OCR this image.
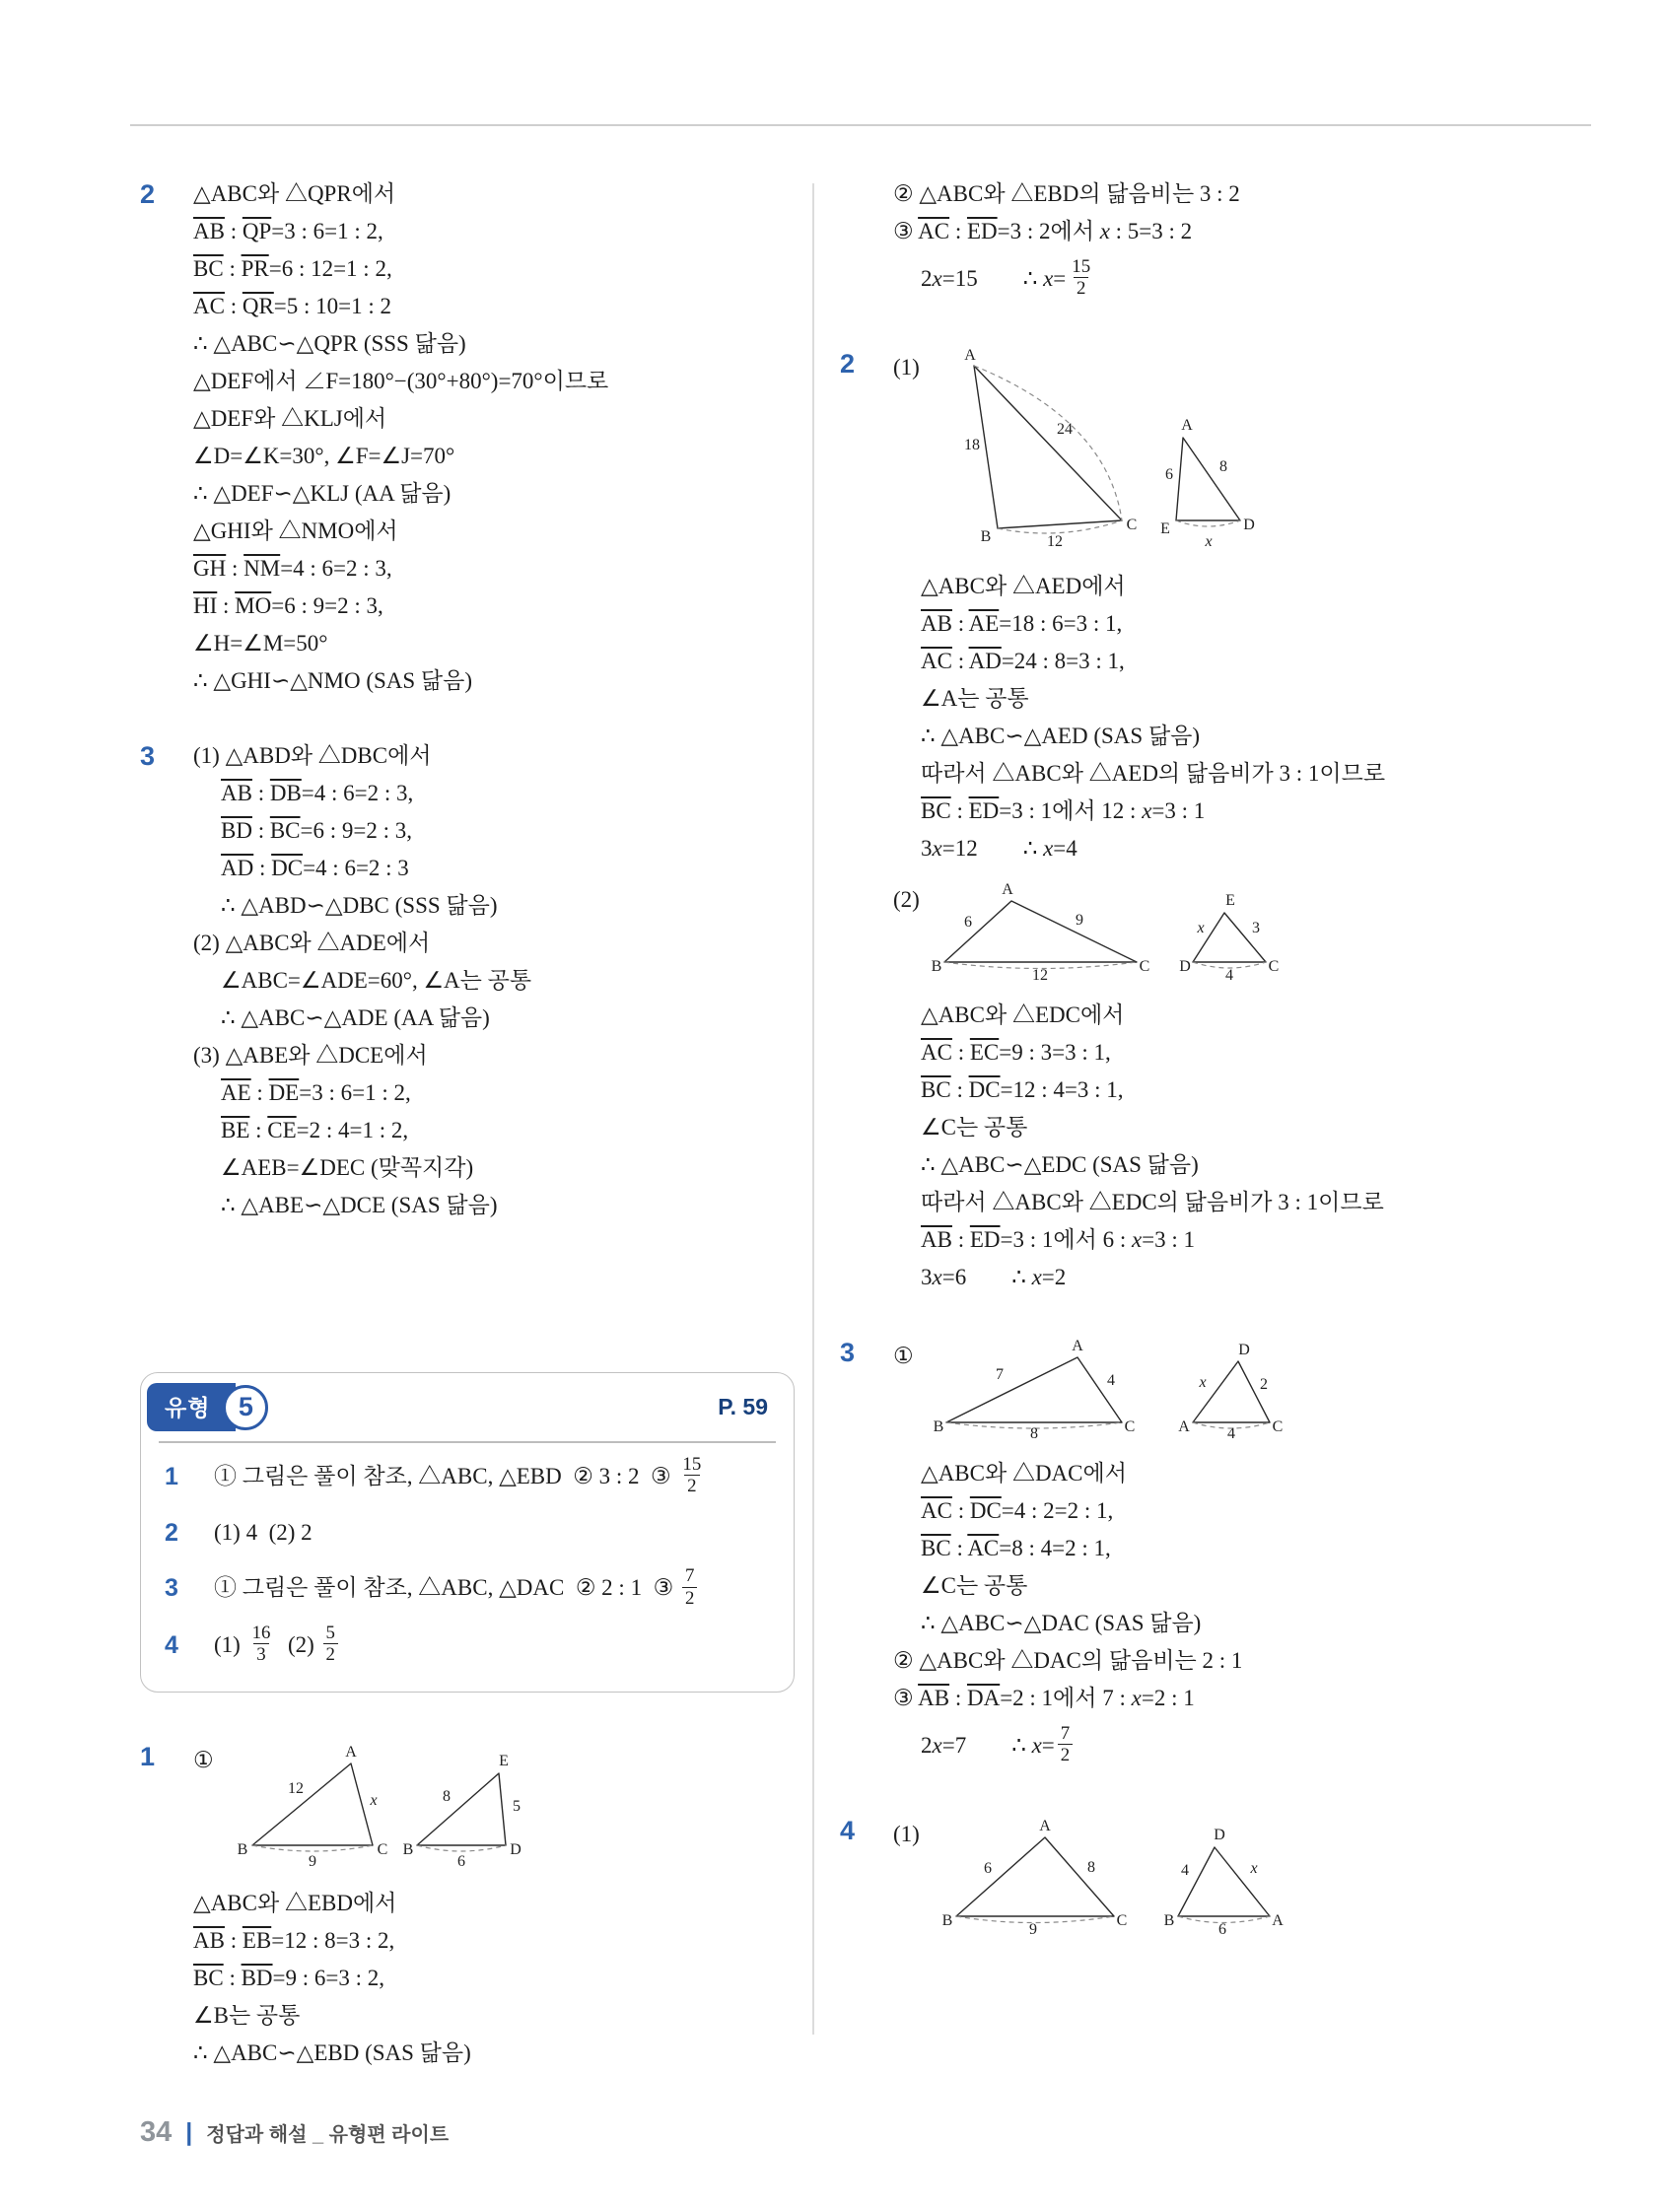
2	△ABC와 △QPR에서
$\overline{AB}$ : $\overline{QP}=3$ : 6=1 : 2,
$\overline{BC}$ : $\overline{PR}=6$ : 12=1 : 2,
$\overline{AC}$ : $\overline{QR}=5$ : 10=1 : 2
∴ △ABC∽△QPR (SSS 닮음)
△DEF에서 ∠F=180°−(30°+80°)=70°이므로
△DEF와 △KLJ에서
∠D=∠K=30°, ∠F=∠J=70°
∴ △DEF∽△KLJ (AA 닮음)
△GHI와 △NMO에서
$\overline{GH}$ : $\overline{NM}=4$ : 6=2 : 3,
$\overline{HI}$ : $\overline{MO}=6$ : 9=2 : 3,
∠H=∠M=50°
∴ △GHI∽△NMO (SAS 닮음)
3	(1) △ABD와 △DBC에서
$\overline{AB}$ : $\overline{DB}=4$ : 6=2 : 3,
$\overline{BD}$ : $\overline{BC}=6$ : 9=2 : 3,
$\overline{AD}$ : $\overline{DC}=4$ : 6=2 : 3
∴ △ABD∽△DBC (SSS 닮음)
(2) △ABC와 △ADE에서
∠ABC=∠ADE=60°, ∠A는 공통
∴ △ABC∽△ADE (AA 닮음)
(3) △ABE와 △DCE에서
$\overline{AE}$ : $\overline{DE}=3$ : 6=1 : 2,
$\overline{BE}$ : $\overline{CE}=2$ : 4=1 : 2,
∠AEB=∠DEC (맞꼭지각)
∴ △ABE∽△DCE (SAS 닮음)
유형	5	P. 59
1	① 그림은 풀이 참조, △ABC, △EBD ② 3 : 2 ③ $\frac{15}{2}$
2	(1) 4 (2) 2
3	① 그림은 풀이 참조, △ABC, △DAC ② 2 : 1 ③ $\frac{7}{2}$
4	$(1) \frac{16}{3}$  $(2) \frac{5}{2}$
1	①	A
B	C
12
x
9
E
B	D
8
5
6
△ABC와 △EBD에서
$\overline{AB}$ : $\overline{EB}=12$ : 8=3 : 2,
$\overline{BC}$ : $\overline{BD}=9$ : 6=3 : 2,
∠B는 공통
∴ △ABC∽△EBD (SAS 닮음)
② △ABC와 △EBD의 닮음비는 3 : 2
③ $\overline{AC}$ : $\overline{ED}=3$ : 2에서 x : 5=3 : 2
2x=15  ∴ $x= \frac{15}{2}$
2	(1)	A
B
C
18
24
12
A
E	D
6	8
x
△ABC와 △AED에서
$\overline{AB}$ : $\overline{AE}=18$ : 6=3 : 1,
$\overline{AC}$ : $\overline{AD}=24$ : 8=3 : 1,
∠A는 공통
∴ △ABC∽△AED (SAS 닮음)
따라서 △ABC와 △AED의 닮음비가 3 : 1이므로
$\overline{BC}$ : $\overline{ED}=3$ : 1에서 12 : x=3 : 1
3x=12  ∴ x=4
(2)	A
B	C
6	9
12
E
D	C
x	3
4
△ABC와 △EDC에서
$\overline{AC}$ : $\overline{EC}=9$ : 3=3 : 1,
$\overline{BC}$ : $\overline{DC}=12$ : 4=3 : 1,
∠C는 공통
∴ △ABC∽△EDC (SAS 닮음)
따라서 △ABC와 △EDC의 닮음비가 3 : 1이므로
$\overline{AB}$ : $\overline{ED}=3$ : 1에서 6 : x=3 : 1
3x=6  ∴ x=2
3	①	A
B	C
7	4
8
D
A	C
x	2
4
△ABC와 △DAC에서
$\overline{AC}$ : $\overline{DC}=4$ : 2=2 : 1,
$\overline{BC}$ : $\overline{AC}=8$ : 4=2 : 1,
∠C는 공통
∴ △ABC∽△DAC (SAS 닮음)
② △ABC와 △DAC의 닮음비는 2 : 1
③ $\overline{AB}$ : $\overline{DA}=2$ : 1에서 7 : x=2 : 1
2x=7  ∴ $x= \frac{7}{2}$
4	(1)	A
B	C
6	8
9
D
B	A
4	x
6
34 | 정답과 해설 _ 유형편 라이트
